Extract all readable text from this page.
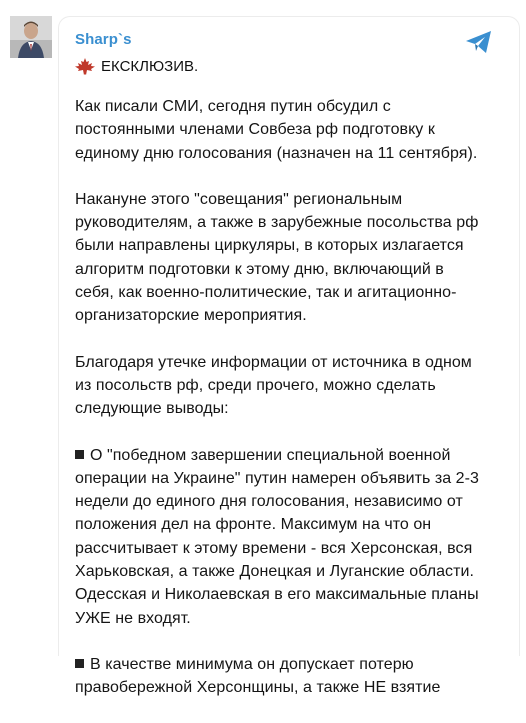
Sharp`s
ЕКСКЛЮЗИВ.
Как писали СМИ, сегодня путин обсудил с
постоянными членами Совбеза рф подготовку к
единому дню голосования (назначен на 11 сентября).
Накануне этого "совещания" региональным
руководителям, а также в зарубежные посольства рф
были направлены циркуляры, в которых излагается
алгоритм подготовки к этому дню, включающий в
себя, как военно-политические, так и агитационно-
организаторские мероприятия.
Благодаря утечке информации от источника в одном
из посольств рф, среди прочего, можно сделать
следующие выводы:
О "победном завершении специальной военной
операции на Украине" путин намерен объявить за 2-3
недели до единого дня голосования, независимо от
положения дел на фронте. Максимум на что он
рассчитывает к этому времени - вся Херсонская, вся
Харьковская, а также Донецкая и Луганские области.
Одесская и Николаевская в его максимальные планы
УЖЕ не входят.
В качестве минимума он допускает потерю
правобережной Херсонщины, а также НЕ взятие
